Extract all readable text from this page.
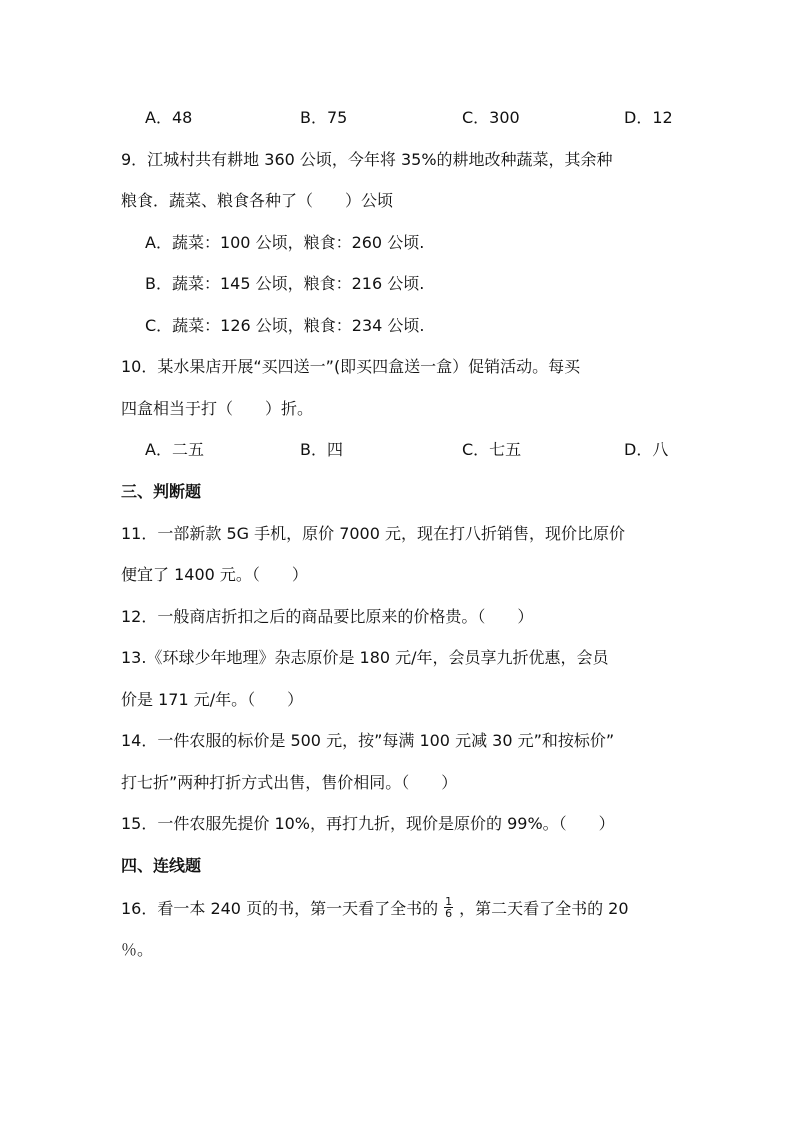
A．48	B．75	C．300	D．12
9．江城村共有耕地 360 公顷，今年将 35%的耕地改种蔬菜，其余种
粮食．蔬菜、粮食各种了（　　）公顷
A．蔬菜：100 公顷，粮食：260 公顷.
B．蔬菜：145 公顷，粮食：216 公顷.
C．蔬菜：126 公顷，粮食：234 公顷.
10．某水果店开展“买四送一”(即买四盒送一盒）促销活动。每买
四盒相当于打（　　）折。
A．二五	B．四	C．七五	D．八
三、判断题
11．一部新款 5G 手机，原价 7000 元，现在打八折销售，现价比原价
便宜了 1400 元。（　　）
12．一般商店折扣之后的商品要比原来的价格贵。（　　）
13.《环球少年地理》杂志原价是 180 元/年，会员享九折优惠，会员
价是 171 元/年。（　　）
14．一件农服的标价是 500 元，按”每满 100 元减 30 元”和按标价”
打七折”两种打折方式出售，售价相同。（　　）
15．一件农服先提价 10%，再打九折，现价是原价的 99%。（　　）
四、连线题
16．看一本 240 页的书，第一天看了全书的 $\frac{1}{6}$ ，第二天看了全书的 20
％。
